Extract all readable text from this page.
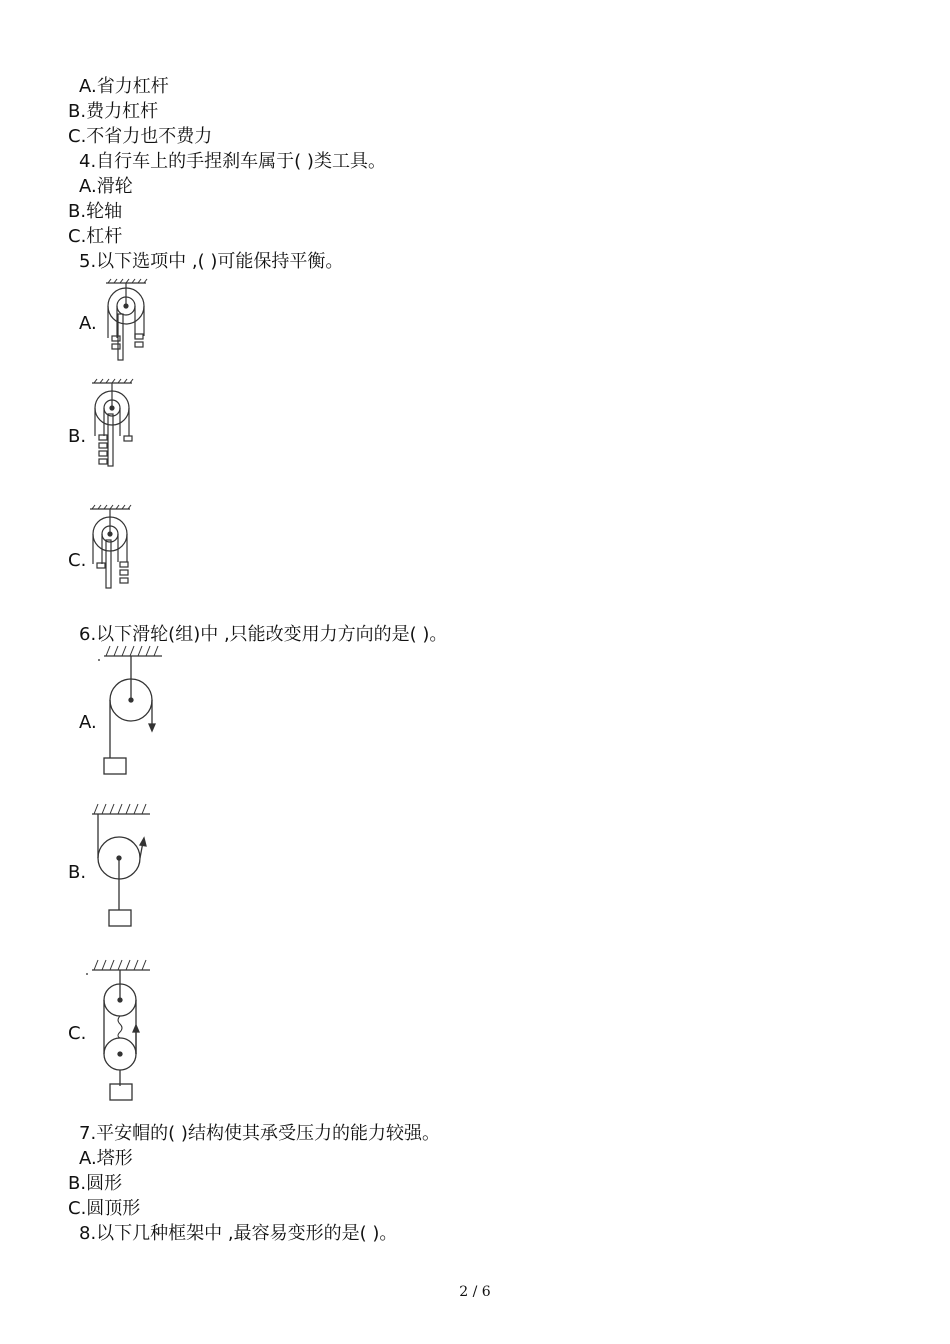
A.省力杠杆
B.费力杠杆
C.不省力也不费力
4.自行车上的手捏刹车属于( )类工具。
A.滑轮
B.轮轴
C.杠杆
5.以下选项中 ,( )可能保持平衡。
A.
B.
C.
6.以下滑轮(组)中 ,只能改变用力方向的是( )。
A.
B.
C.
7.平安帽的( )结构使其承受压力的能力较强。
A.塔形
B.圆形
C.圆顶形
8.以下几种框架中 ,最容易变形的是( )。
2 / 6
